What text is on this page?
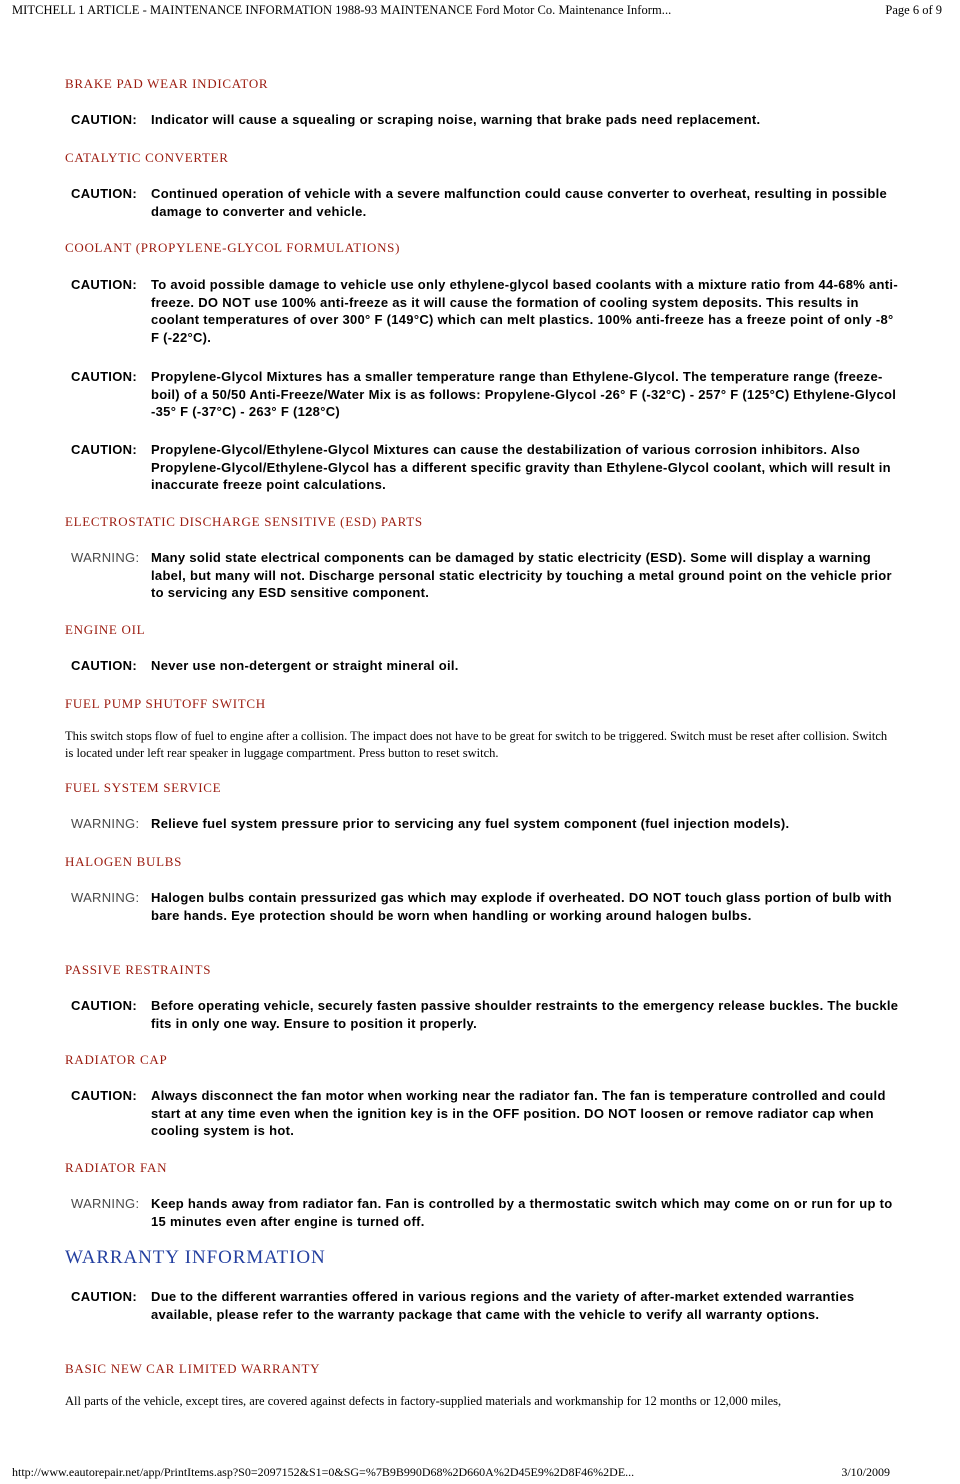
MITCHELL 1 ARTICLE - MAINTENANCE INFORMATION 1988-93 MAINTENANCE Ford Motor Co. Maintenance Inform...	Page 6 of 9
BRAKE PAD WEAR INDICATOR
CAUTION: Indicator will cause a squealing or scraping noise, warning that brake pads need replacement.
CATALYTIC CONVERTER
CAUTION: Continued operation of vehicle with a severe malfunction could cause converter to overheat, resulting in possible damage to converter and vehicle.
COOLANT (PROPYLENE-GLYCOL FORMULATIONS)
CAUTION: To avoid possible damage to vehicle use only ethylene-glycol based coolants with a mixture ratio from 44-68% anti-freeze. DO NOT use 100% anti-freeze as it will cause the formation of cooling system deposits. This results in coolant temperatures of over 300° F (149°C) which can melt plastics. 100% anti-freeze has a freeze point of only -8° F (-22°C).
CAUTION: Propylene-Glycol Mixtures has a smaller temperature range than Ethylene-Glycol. The temperature range (freeze-boil) of a 50/50 Anti-Freeze/Water Mix is as follows: Propylene-Glycol -26° F (-32°C) - 257° F (125°C) Ethylene-Glycol -35° F (-37°C) - 263° F (128°C)
CAUTION: Propylene-Glycol/Ethylene-Glycol Mixtures can cause the destabilization of various corrosion inhibitors. Also Propylene-Glycol/Ethylene-Glycol has a different specific gravity than Ethylene-Glycol coolant, which will result in inaccurate freeze point calculations.
ELECTROSTATIC DISCHARGE SENSITIVE (ESD) PARTS
WARNING: Many solid state electrical components can be damaged by static electricity (ESD). Some will display a warning label, but many will not. Discharge personal static electricity by touching a metal ground point on the vehicle prior to servicing any ESD sensitive component.
ENGINE OIL
CAUTION: Never use non-detergent or straight mineral oil.
FUEL PUMP SHUTOFF SWITCH
This switch stops flow of fuel to engine after a collision. The impact does not have to be great for switch to be triggered. Switch must be reset after collision. Switch is located under left rear speaker in luggage compartment. Press button to reset switch.
FUEL SYSTEM SERVICE
WARNING: Relieve fuel system pressure prior to servicing any fuel system component (fuel injection models).
HALOGEN BULBS
WARNING: Halogen bulbs contain pressurized gas which may explode if overheated. DO NOT touch glass portion of bulb with bare hands. Eye protection should be worn when handling or working around halogen bulbs.
PASSIVE RESTRAINTS
CAUTION: Before operating vehicle, securely fasten passive shoulder restraints to the emergency release buckles. The buckle fits in only one way. Ensure to position it properly.
RADIATOR CAP
CAUTION: Always disconnect the fan motor when working near the radiator fan. The fan is temperature controlled and could start at any time even when the ignition key is in the OFF position. DO NOT loosen or remove radiator cap when cooling system is hot.
RADIATOR FAN
WARNING: Keep hands away from radiator fan. Fan is controlled by a thermostatic switch which may come on or run for up to 15 minutes even after engine is turned off.
WARRANTY INFORMATION
CAUTION: Due to the different warranties offered in various regions and the variety of after-market extended warranties available, please refer to the warranty package that came with the vehicle to verify all warranty options.
BASIC NEW CAR LIMITED WARRANTY
All parts of the vehicle, except tires, are covered against defects in factory-supplied materials and workmanship for 12 months or 12,000 miles,
http://www.eautorepair.net/app/PrintItems.asp?S0=2097152&S1=0&SG=%7B9B990D68%2D660A%2D45E9%2D8F46%2DE...	3/10/2009
